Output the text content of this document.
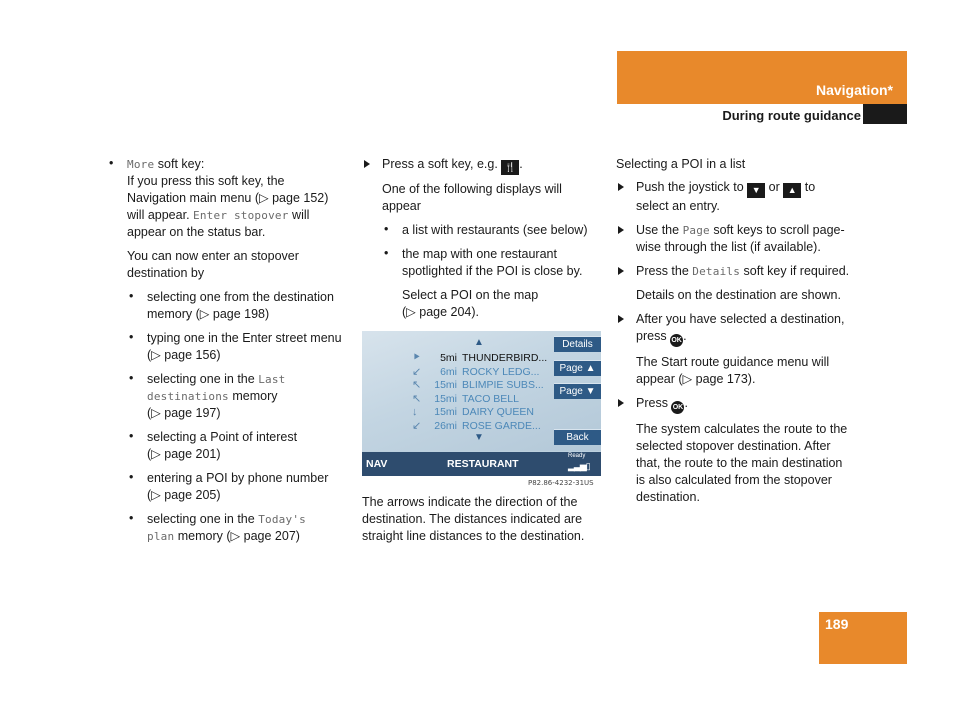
Navigation*
During route guidance

• More soft key:

If you press this soft key, the

Navigation main menu (▷ page 152)

will appear. Enter stopover will

appear on the status bar.

You can now enter an stopover

destination by

• selecting one from the destination

memory (▷ page 198)

• typing one in the Enter street menu

(▷ page 156)

• selecting one in the Last

destinations memory

(▷ page 197)

• selecting a Point of interest

(▷ page 201)

• entering a POI by phone number

(▷ page 205)

• selecting one in the Today's

plan memory (▷ page 207)

Press a soft key, e.g. 🍴 .

One of the following displays will

appear

• a list with restaurants (see below)

• the map with one restaurant

spotlighted if the POI is close by.

Select a POI on the map

(▷ page 204).

▲
⯈	5mi THUNDERBIRD...
↙	6mi ROCKY LEDG...
↖	15mi BLIMPIE SUBS...
↖	15mi TACO BELL
↓	15mi DAIRY QUEEN
↙	26mi ROSE GARDE...
▼
Details
Page ▲
Page ▼
Back
NAV	RESTAURANT
Ready
▂▃▅▯
P82.86-4232-31US

The arrows indicate the direction of the

destination. The distances indicated are

straight line distances to the destination.

Selecting a POI in a list

Push the joystick to ▼ or ▲ to

select an entry.

Use the Page soft keys to scroll page-

wise through the list (if available).

Press the Details soft key if required.

Details on the destination are shown.

After you have selected a destination,

press OK.

The Start route guidance menu will

appear (▷ page 173).

Press OK.

The system calculates the route to the

selected stopover destination. After

that, the route to the main destination

is also calculated from the stopover

destination.

189
